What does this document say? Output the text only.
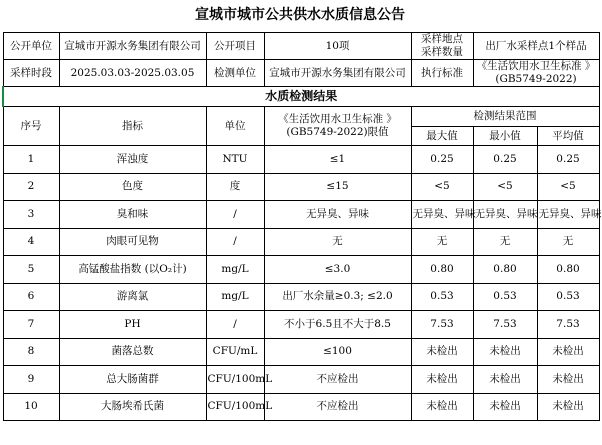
宣城市城市公共供水水质信息公告
公开单位	宣城市开源水务集团有限公司	公开项目	10项	采样地点
采样数量	出厂水采样点1个样品	
采样时段	2025.03.03-2025.03.05	检测单位	宣城市开源水务集团有限公司	执行标准	《生活饮用水卫生标准 》
(GB5749-2022)	
水质检测结果						
序号	指标	单位	《生活饮用水卫生标准 》
(GB5749-2022)限值	检测结果范围		
				最大值	最小值	平均值
1	浑浊度	NTU	≤1	0.25	0.25	0.25
2	色度	度	≤15	<5	<5	<5
3	臭和味	/	无异臭、异味	无异臭、异味	无异臭、异味	无异臭、异味
4	肉眼可见物	/	无	无	无	无
5	高锰酸盐指数 (以O₂计)	mg/L	≤3.0	0.80	0.80	0.80
6	游离氯	mg/L	出厂水余量≥0.3; ≤2.0	0.53	0.53	0.53
7	PH	/	不小于6.5且不大于8.5	7.53	7.53	7.53
8	菌落总数	CFU/mL	≤100	未检出	未检出	未检出
9	总大肠菌群	CFU/100mL	不应检出	未检出	未检出	未检出
10	大肠埃希氏菌	CFU/100mL	不应检出	未检出	未检出	未检出
